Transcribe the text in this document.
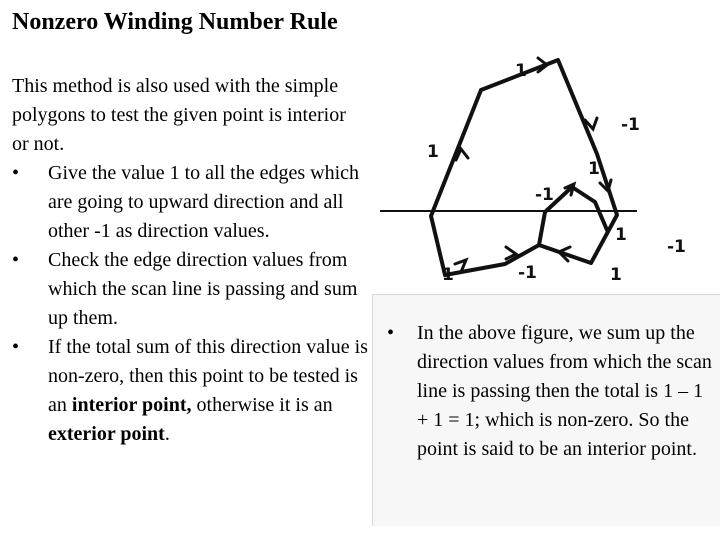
Nonzero Winding Number Rule
This method is also used with the simple polygons to test the given point is interior or not.
• Give the value 1 to all the edges which are going to upward direction and all other -1 as direction values.
• Check the edge direction values from which the scan line is passing and sum up them.
• If the total sum of this direction value is non-zero, then this point to be tested is an interior point, otherwise it is an exterior point.
1
-1
1
1
-1
1
-1
1	-1	1
• In the above figure, we sum up the direction values from which the scan line is passing then the total is 1 – 1 + 1 = 1; which is non-zero. So the point is said to be an interior point.
